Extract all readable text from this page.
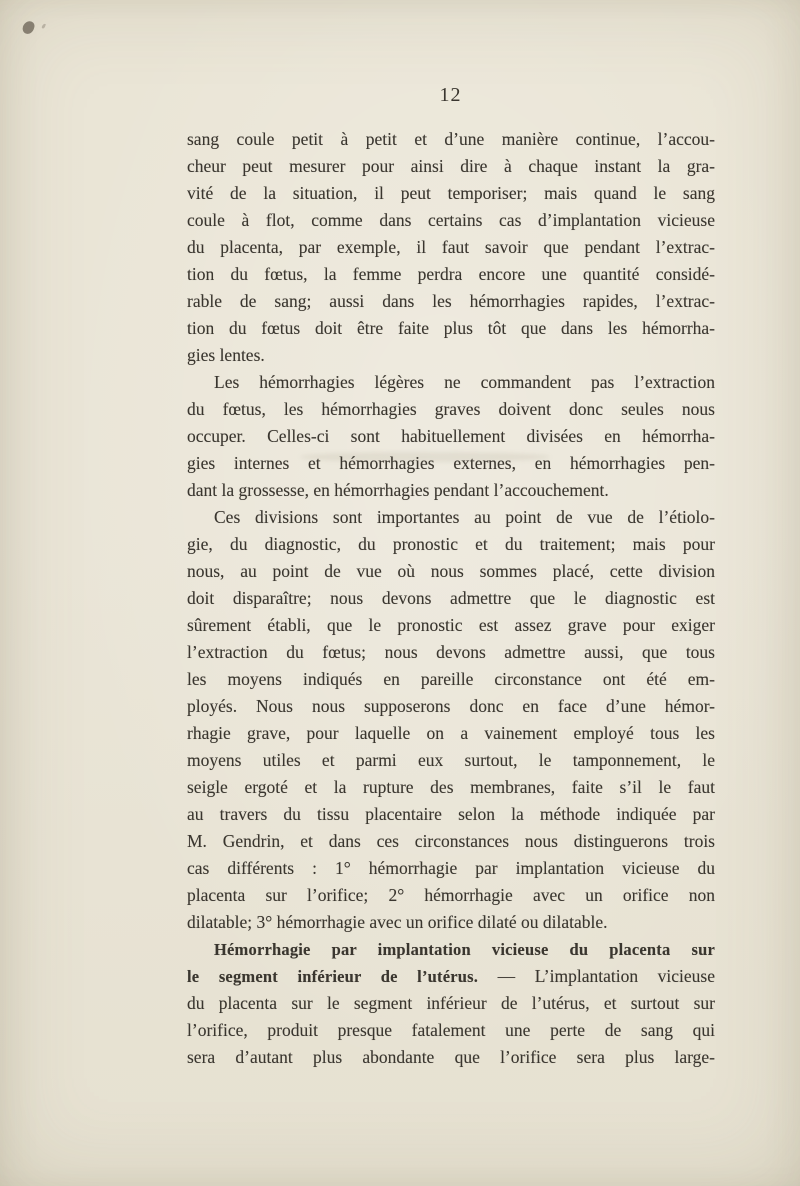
12
sang coule petit à petit et d’une manière continue, l’accou-
cheur peut mesurer pour ainsi dire à chaque instant la gra-
vité de la situation, il peut temporiser; mais quand le sang
coule à flot, comme dans certains cas d’implantation vicieuse
du placenta, par exemple, il faut savoir que pendant l’extrac-
tion du fœtus, la femme perdra encore une quantité considé-
rable de sang; aussi dans les hémorrhagies rapides, l’extrac-
tion du fœtus doit être faite plus tôt que dans les hémorrha-
gies lentes.
Les hémorrhagies légères ne commandent pas l’extraction
du fœtus, les hémorrhagies graves doivent donc seules nous
occuper. Celles-ci sont habituellement divisées en hémorrha-
gies internes et hémorrhagies externes, en hémorrhagies pen-
dant la grossesse, en hémorrhagies pendant l’accouchement.
Ces divisions sont importantes au point de vue de l’étiolo-
gie, du diagnostic, du pronostic et du traitement; mais pour
nous, au point de vue où nous sommes placé, cette division
doit disparaître; nous devons admettre que le diagnostic est
sûrement établi, que le pronostic est assez grave pour exiger
l’extraction du fœtus; nous devons admettre aussi, que tous
les moyens indiqués en pareille circonstance ont été em-
ployés. Nous nous supposerons donc en face d’une hémor-
rhagie grave, pour laquelle on a vainement employé tous les
moyens utiles et parmi eux surtout, le tamponnement, le
seigle ergoté et la rupture des membranes, faite s’il le faut
au travers du tissu placentaire selon la méthode indiquée par
M. Gendrin, et dans ces circonstances nous distinguerons trois
cas différents : 1° hémorrhagie par implantation vicieuse du
placenta sur l’orifice; 2° hémorrhagie avec un orifice non
dilatable; 3° hémorrhagie avec un orifice dilaté ou dilatable.
Hémorrhagie par implantation vicieuse du placenta sur
le segment inférieur de l’utérus. — L’implantation vicieuse
du placenta sur le segment inférieur de l’utérus, et surtout sur
l’orifice, produit presque fatalement une perte de sang qui
sera d’autant plus abondante que l’orifice sera plus large-
